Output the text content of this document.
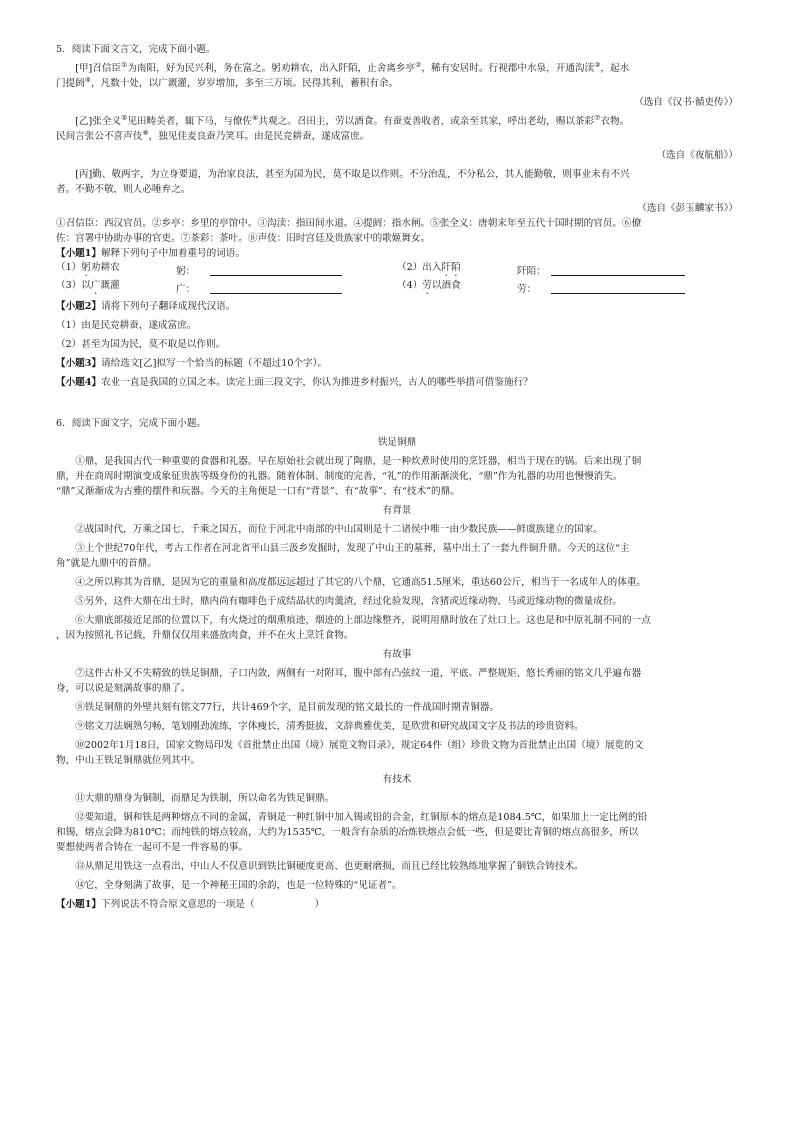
5．阅读下面文言文，完成下面小题。

[甲]召信臣①为南阳，好为民兴利，务在富之。躬劝耕农，出入阡陌，止舍离乡亭②，稀有安居时。行视郡中水泉，开通沟渎③，起水

门提阏④，凡数十处，以广溉灌，岁岁增加，多至三万顷。民得其利，蓄积有余。

（选自《汉书·循吏传》）

[乙]张全义⑤见田畴美者，辄下马，与僚佐⑥共观之。召田主，劳以酒食。有蚕麦善收者，或亲至其家，呼出老幼，赐以茶彩⑦衣物。

民间言张公不喜声伎⑧，独见佳麦良蚕乃笑耳。由是民竞耕蚕，遂成富庶。

（选自《夜航船》）

[丙]勤、敬两字，为立身要道，为治家良法，甚至为国为民，莫不取是以作则。不分治乱，不分私公，其人能勤敬，则事业未有不兴

者。不勤不敬，则人必唾弃之。

（选自《彭玉麟家书》）

①召信臣：西汉官员。②乡亭：乡里的亭馆中。③沟渎：指田间水道。④提阏：指水闸。⑤张全义：唐朝末年至五代十国时期的官员。⑥僚

佐：宫署中协助办事的官吏。⑦茶彩：茶叶。⑧声伎：旧时宫廷及贵族家中的歌姬舞女。

【小题1】解释下列句子中加着重号的词语。

（1）躬劝耕农	躬：	（2）出入阡陌	阡陌：
（3）以广溉灌	广：	（4）劳以酒食	劳：

【小题2】请将下列句子翻译成现代汉语。

（1）由是民竞耕蚕，遂成富庶。

（2）甚至为国为民，莫不取是以作则。

【小题3】请给选文[乙]拟写一个恰当的标题（不超过10个字）。

【小题4】农业一直是我国的立国之本。读完上面三段文字，你认为推进乡村振兴，古人的哪些举措可借鉴施行？

6．阅读下面文字，完成下面小题。

铁足铜鼎

①鼎，是我国古代一种重要的食器和礼器。早在原始社会就出现了陶鼎，是一种炊煮时使用的烹饪器，相当于现在的锅。后来出现了铜

鼎，并在商周时期演变成象征贵族等级身份的礼器。随着体制、制度的完善，“礼”的作用渐渐淡化，“鼎”作为礼器的功用也慢慢消失。

“鼎”又渐渐成为古雅的摆件和玩器。今天的主角便是一口有“背景”、有“故事”、有“技术”的鼎。

有背景

②战国时代，万乘之国七、千乘之国五，而位于河北中南部的中山国则是十二诸侯中唯一由少数民族——鲜虞族建立的国家。

③上个世纪70年代，考古工作者在河北省平山县三汲乡发掘时，发现了中山王的墓葬，墓中出土了一套九件铜升鼎。今天的这位“主

角”就是九鼎中的首鼎。

④之所以称其为首鼎，是因为它的重量和高度都远远超过了其它的八个鼎，它通高51.5厘米，重达60公斤，相当于一名成年人的体重。

⑤另外，这件大鼎在出土时，鼎内尚有咖啡色于成结晶状的肉羹渣，经过化验发现，含猪或近缘动物、马或近缘动物的微量成份。

⑥大鼎底部接近足部的位置以下，有火烧过的烟熏痕迹，烟迹的上部边缘整齐，说明用鼎时放在了灶口上。这也是和中原礼制不同的一点

，因为按照礼书记载，升鼎仅仅用来盛放肉食，并不在火上烹饪食物。

有故事

⑦这件古朴又不失精致的铁足铜鼎，子口内敛，两侧有一对附耳，腹中部有凸弦纹一道，平底。严整规矩、悠长秀丽的铭文几乎遍布器

身，可以说是刻满故事的鼎了。

⑧铁足铜鼎的外壁共刻有铭文77行，共计469个字，是目前发现的铭文最长的一件战国时期青铜器。

⑨铭文刀法娴熟匀畅，笔划刚劲流练，字体瘦长，清秀挺拔，文辞典雅优美，是欣赏和研究战国文字及书法的珍贵资料。

⑩2002年1月18日，国家文物局印发《首批禁止出国（境）展览文物目录》，规定64件（组）珍贵文物为首批禁止出国（境）展览的文

物，中山王铁足铜鼎就位列其中。

有技术

⑪大鼎的鼎身为铜制，而鼎足为铁制，所以命名为铁足铜鼎。

⑫要知道，铜和铁是两种熔点不同的金属，青铜是一种红铜中加入锡或铅的合金，红铜原本的熔点是1084.5℃，如果加上一定比例的铅

和锡，熔点会降为810℃；而纯铁的熔点较高，大约为1535℃，一般含有杂质的冶炼铁熔点会低一些，但是要比青铜的熔点高很多，所以

要想使两者合铸在一起可不是一件容易的事。

⑬从鼎足用铁这一点看出，中山人不仅意识到铁比铜硬度更高、也更耐磨损，而且已经比较熟练地掌握了铜铁合铸技术。

⑭它，全身刻满了故事，是一个神秘王国的余韵，也是一位特殊的“见证者”。

【小题1】下列说法不符合原文意思的一项是（	）
